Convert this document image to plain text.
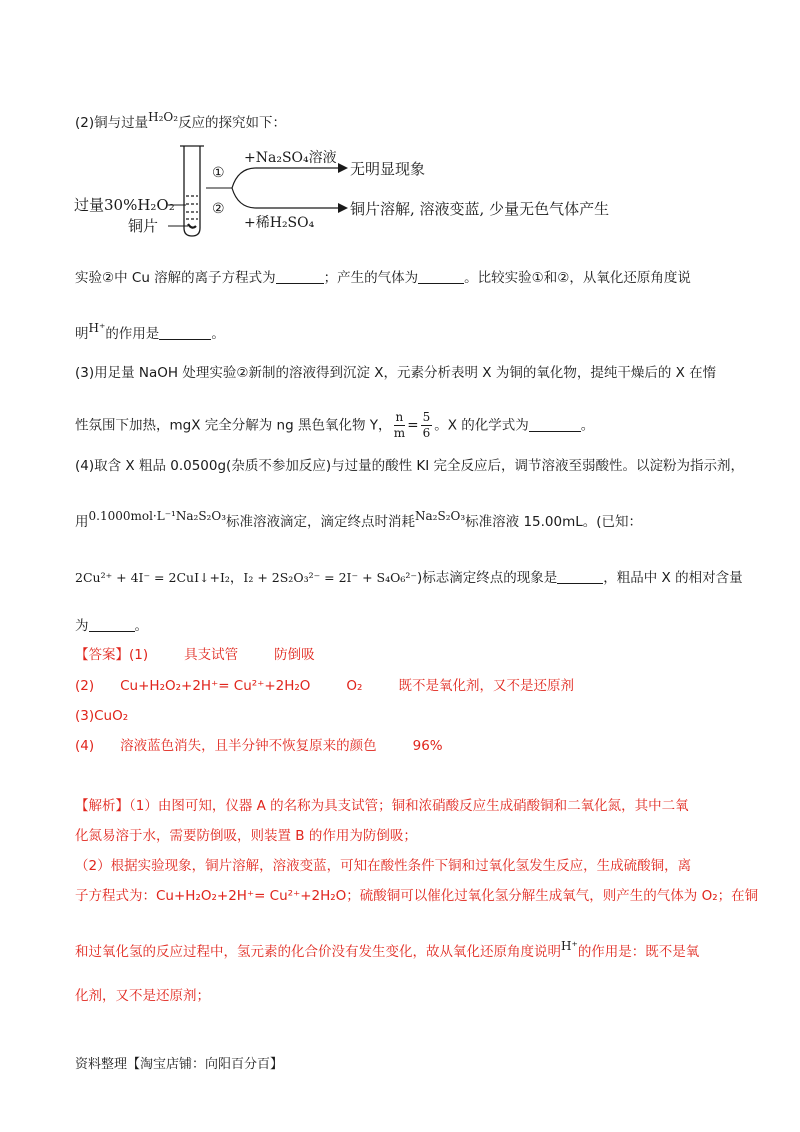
(2)铜与过量H₂O₂反应的探究如下：
过量30%H₂O₂
铜片
①
②
+Na₂SO₄溶液
+稀H₂SO₄
无明显现象
铜片溶解, 溶液变蓝, 少量无色气体产生
实验②中 Cu 溶解的离子方程式为	；产生的气体为	。比较实验①和②，从氧化还原角度说
明H⁺的作用是	。
(3)用足量 NaOH 处理实验②新制的溶液得到沉淀 X，元素分析表明 X 为铜的氧化物，提纯干燥后的 X 在惰
性氛围下加热，mgX 完全分解为 ng 黑色氧化物 Y， $\frac{n}{m} = \frac{5}{6}$ 。X 的化学式为	。
(4)取含 X 粗品 0.0500g(杂质不参加反应)与过量的酸性 KI 完全反应后，调节溶液至弱酸性。以淀粉为指示剂，
用0.1000mol·L⁻¹Na₂S₂O₃标准溶液滴定，滴定终点时消耗Na₂S₂O₃标准溶液 15.00mL。(已知：
2Cu²⁺ + 4I⁻ = 2CuI↓+I₂，I₂ + 2S₂O₃²⁻ = 2I⁻ + S₄O₆²⁻)标志滴定终点的现象是	，粗品中 X 的相对含量
为	。
【答案】(1)	具支试管	防倒吸
(2) Cu+H₂O₂+2H⁺= Cu²⁺+2H₂O	O₂	既不是氧化剂，又不是还原剂
(3)CuO₂
(4) 溶液蓝色消失，且半分钟不恢复原来的颜色	96%
【解析】（1）由图可知，仪器 A 的名称为具支试管；铜和浓硝酸反应生成硝酸铜和二氧化氮，其中二氧
化氮易溶于水，需要防倒吸，则装置 B 的作用为防倒吸；
（2）根据实验现象，铜片溶解，溶液变蓝，可知在酸性条件下铜和过氧化氢发生反应，生成硫酸铜，离
子方程式为：Cu+H₂O₂+2H⁺= Cu²⁺+2H₂O；硫酸铜可以催化过氧化氢分解生成氧气，则产生的气体为 O₂；在铜
和过氧化氢的反应过程中，氢元素的化合价没有发生变化，故从氧化还原角度说明H⁺的作用是：既不是氧
化剂，又不是还原剂；
资料整理【淘宝店铺：向阳百分百】
